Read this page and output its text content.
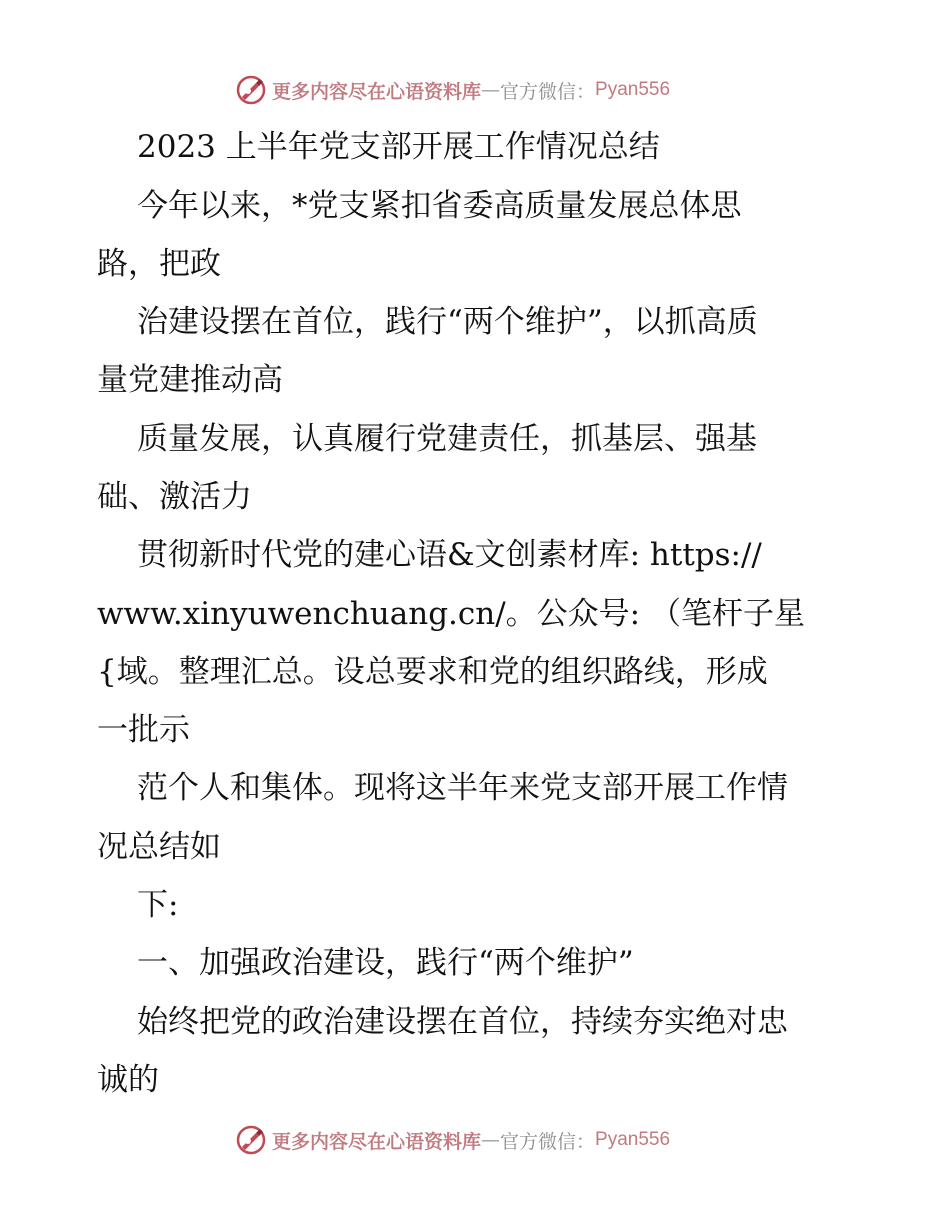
更多内容尽在心语资料库 — 官方微信： Pyan556
2023 上半年党支部开展工作情况总结
今年以来，*党支紧扣省委高质量发展总体思
路，把政
治建设摆在首位，践行“两个维护”，以抓高质
量党建推动高
质量发展，认真履行党建责任，抓基层、强基
础、激活力
贯彻新时代党的建心语&文创素材库: https://
www.xinyuwenchuang.cn/。公众号: （笔杆子星
{域。整理汇总。设总要求和党的组织路线，形成
一批示
范个人和集体。现将这半年来党支部开展工作情
况总结如
下:
一、加强政治建设，践行“两个维护”
始终把党的政治建设摆在首位，持续夯实绝对忠
诚的
更多内容尽在心语资料库 — 官方微信： Pyan556
